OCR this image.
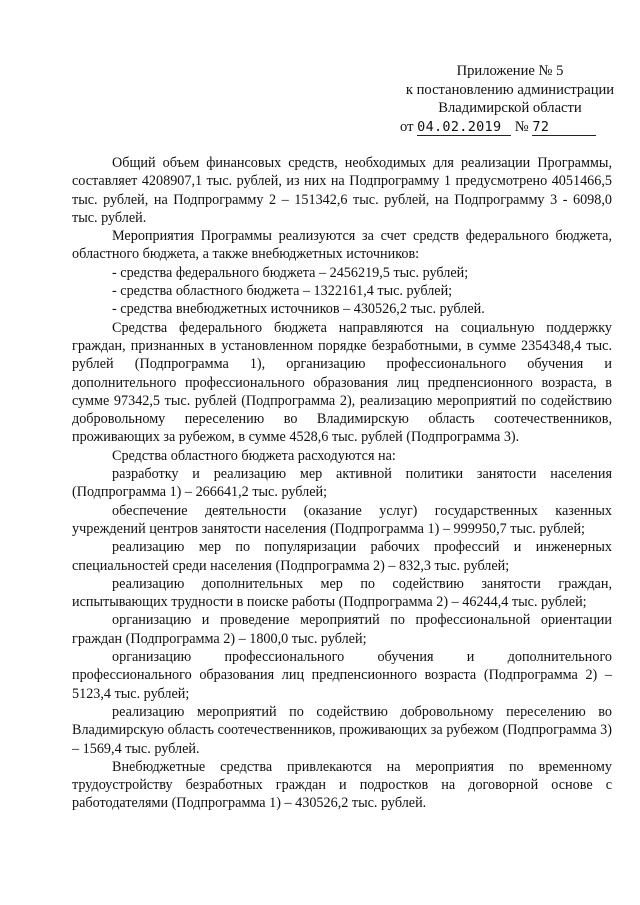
Приложение № 5
к постановлению администрации
Владимирской области
от 04.02.2019 № 72

Общий объем финансовых средств, необходимых для реализации Программы, составляет 4208907,1 тыс. рублей, из них на Подпрограмму 1 предусмотрено 4051466,5 тыс. рублей, на Подпрограмму 2 – 151342,6 тыс. рублей, на Подпрограмму 3 - 6098,0 тыс. рублей.

Мероприятия Программы реализуются за счет средств федерального бюджета, областного бюджета, а также внебюджетных источников:

- средства федерального бюджета – 2456219,5 тыс. рублей;

- средства областного бюджета – 1322161,4 тыс. рублей;

- средства внебюджетных источников – 430526,2 тыс. рублей.

Средства федерального бюджета направляются на социальную поддержку граждан, признанных в установленном порядке безработными, в сумме 2354348,4 тыс. рублей (Подпрограмма 1), организацию профессионального обучения и дополнительного профессионального образования лиц предпенсионного возраста, в сумме 97342,5 тыс. рублей (Подпрограмма 2), реализацию мероприятий по содействию добровольному переселению во Владимирскую область соотечественников, проживающих за рубежом, в сумме 4528,6 тыс. рублей (Подпрограмма 3).

Средства областного бюджета расходуются на:

разработку и реализацию мер активной политики занятости населения (Подпрограмма 1) – 266641,2 тыс. рублей;

обеспечение деятельности (оказание услуг) государственных казенных учреждений центров занятости населения (Подпрограмма 1) – 999950,7 тыс. рублей;

реализацию мер по популяризации рабочих профессий и инженерных специальностей среди населения (Подпрограмма 2) – 832,3 тыс. рублей;

реализацию дополнительных мер по содействию занятости граждан, испытывающих трудности в поиске работы (Подпрограмма 2) – 46244,4 тыс. рублей;

организацию и проведение мероприятий по профессиональной ориентации граждан (Подпрограмма 2) – 1800,0 тыс. рублей;

организацию профессионального обучения и дополнительного профессионального образования лиц предпенсионного возраста (Подпрограмма 2) – 5123,4 тыс. рублей;

реализацию мероприятий по содействию добровольному переселению во Владимирскую область соотечественников, проживающих за рубежом (Подпрограмма 3) – 1569,4 тыс. рублей.

Внебюджетные средства привлекаются на мероприятия по временному трудоустройству безработных граждан и подростков на договорной основе с работодателями (Подпрограмма 1) – 430526,2 тыс. рублей.
